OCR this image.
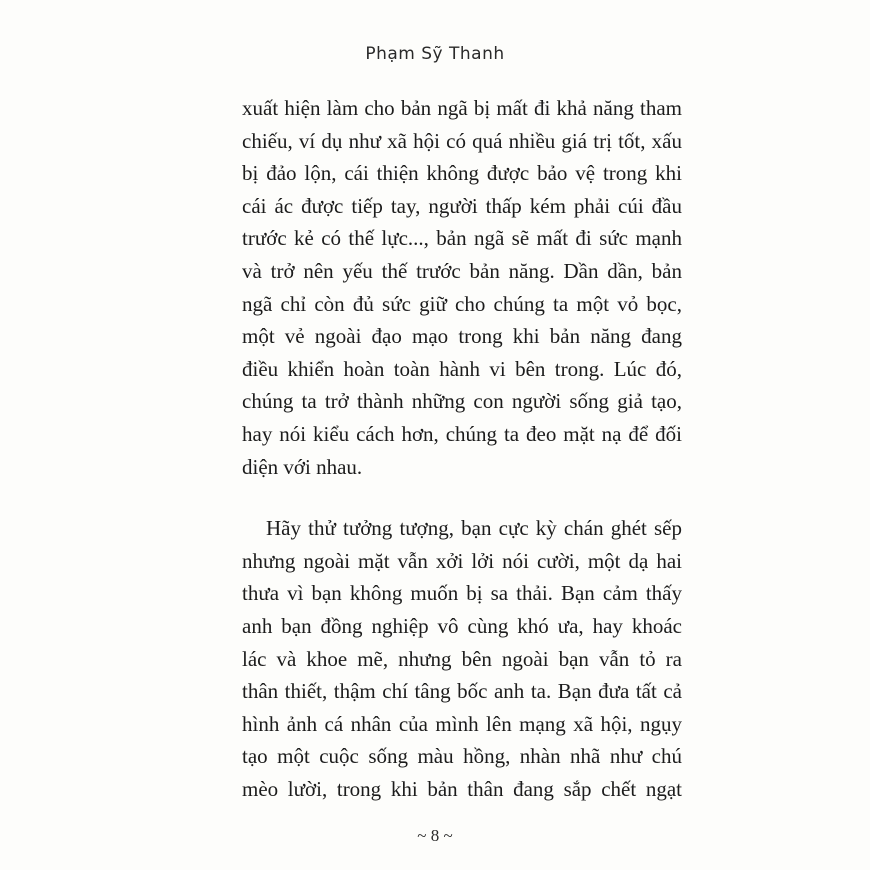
Phạm Sỹ Thanh
xuất hiện làm cho bản ngã bị mất đi khả năng tham
chiếu, ví dụ như xã hội có quá nhiều giá trị tốt, xấu
bị đảo lộn, cái thiện không được bảo vệ trong khi
cái ác được tiếp tay, người thấp kém phải cúi đầu
trước kẻ có thế lực..., bản ngã sẽ mất đi sức mạnh
và trở nên yếu thế trước bản năng. Dần dần, bản
ngã chỉ còn đủ sức giữ cho chúng ta một vỏ bọc,
một vẻ ngoài đạo mạo trong khi bản năng đang
điều khiển hoàn toàn hành vi bên trong. Lúc đó,
chúng ta trở thành những con người sống giả tạo,
hay nói kiểu cách hơn, chúng ta đeo mặt nạ để đối
diện với nhau.
Hãy thử tưởng tượng, bạn cực kỳ chán ghét sếp
nhưng ngoài mặt vẫn xởi lởi nói cười, một dạ hai
thưa vì bạn không muốn bị sa thải. Bạn cảm thấy
anh bạn đồng nghiệp vô cùng khó ưa, hay khoác
lác và khoe mẽ, nhưng bên ngoài bạn vẫn tỏ ra
thân thiết, thậm chí tâng bốc anh ta. Bạn đưa tất cả
hình ảnh cá nhân của mình lên mạng xã hội, ngụy
tạo một cuộc sống màu hồng, nhàn nhã như chú
mèo lười, trong khi bản thân đang sắp chết ngạt
~ 8 ~
